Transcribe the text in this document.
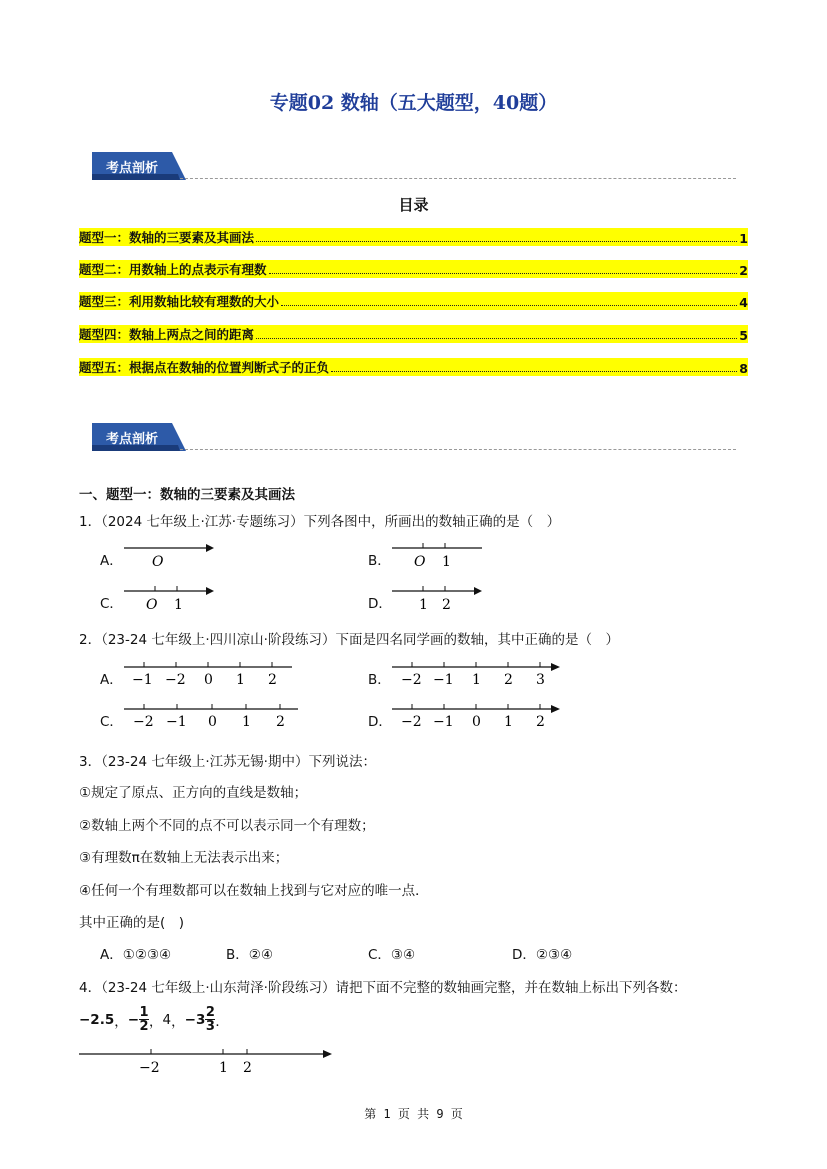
专题02 数轴（五大题型，40题）
考点剖析
目录
题型一：数轴的三要素及其画法	1
题型二：用数轴上的点表示有理数	2
题型三：利用数轴比较有理数的大小	4
题型四：数轴上两点之间的距离	5
题型五：根据点在数轴的位置判断式子的正负	8
考点剖析
一、题型一：数轴的三要素及其画法
1．（2024 七年级上·江苏·专题练习）下列各图中，所画出的数轴正确的是（　）
A． O	B． O 1
C． O 1	D． 1 2
2．（23-24 七年级上·四川凉山·阶段练习）下面是四名同学画的数轴，其中正确的是（　）
A． −1 −2 0 1 2	B． −2 −1 1 2 3
C． −2 −1 0 1 2	D． −2 −1 0 1 2
3．（23-24 七年级上·江苏无锡·期中）下列说法：
①规定了原点、正方向的直线是数轴；
②数轴上两个不同的点不可以表示同一个有理数；
③有理数π在数轴上无法表示出来；
④任何一个有理数都可以在数轴上找到与它对应的唯一点．
其中正确的是(　)
A．①②③④	B．②④	C．③④	D．②③④
4．（23-24 七年级上·山东菏泽·阶段练习）请把下面不完整的数轴画完整，并在数轴上标出下列各数：
−2.5 ， − $\frac{1}{2}$ ， 4 ， $-3 \frac{2}{3}$ ．
−2	1 2
第 1 页 共 9 页
